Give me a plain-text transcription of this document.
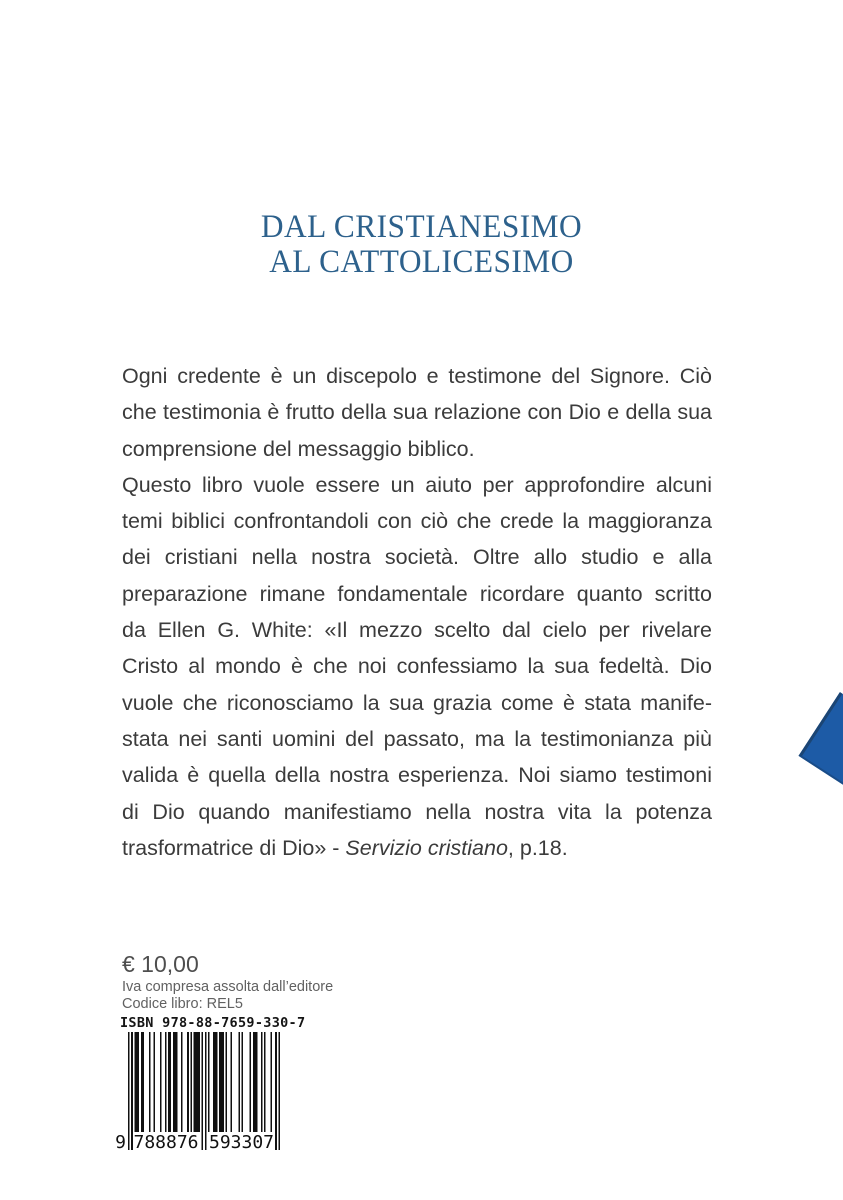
DAL CRISTIANESIMO
AL CATTOLICESIMO
Ogni credente è un discepolo e testimone del Signore. Ciò
che testimonia è frutto della sua relazione con Dio e della sua
comprensione del messaggio biblico.
Questo libro vuole essere un aiuto per approfondire alcuni
temi biblici confrontandoli con ciò che crede la maggioranza
dei cristiani nella nostra società. Oltre allo studio e alla
preparazione rimane fondamentale ricordare quanto scritto
da Ellen G. White: «Il mezzo scelto dal cielo per rivelare
Cristo al mondo è che noi confessiamo la sua fedeltà. Dio
vuole che riconosciamo la sua grazia come è stata manife-
stata nei santi uomini del passato, ma la testimonianza più
valida è quella della nostra esperienza. Noi siamo testimoni
di Dio quando manifestiamo nella nostra vita la potenza
trasformatrice di Dio» - Servizio cristiano, p.18.
€ 10,00
Iva compresa assolta dall’editore
Codice libro: REL5
ISBN 978-88-7659-330-7
9 788876 593307
